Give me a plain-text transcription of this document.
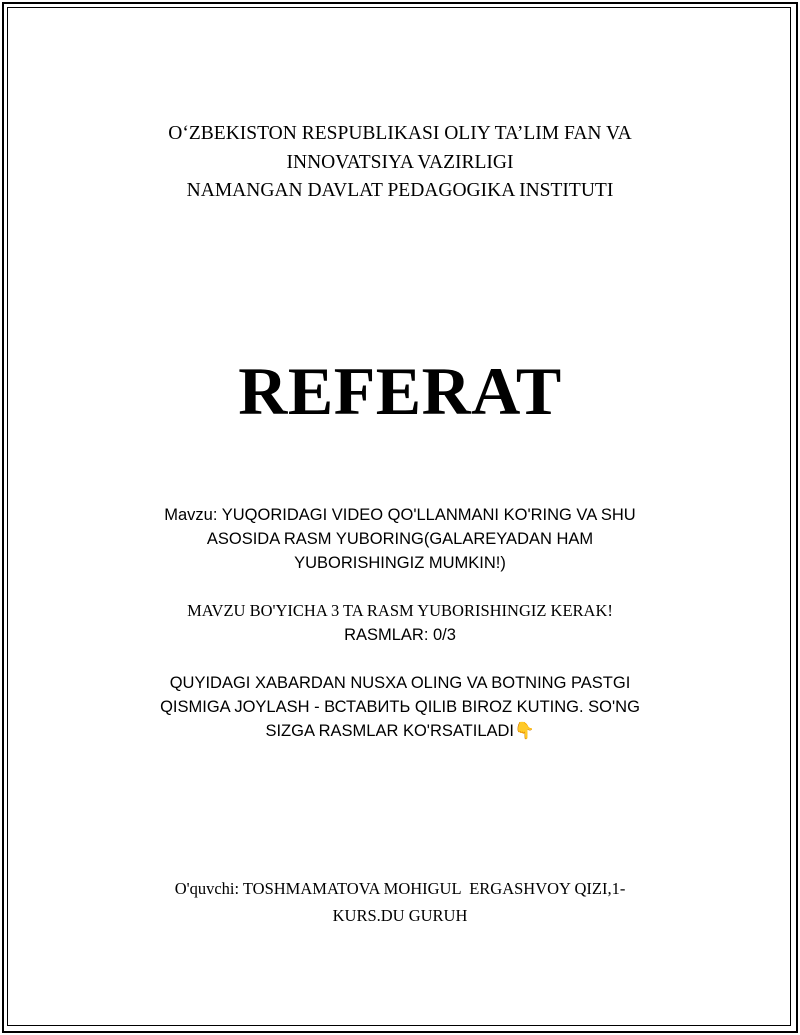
O‘ZBEKISTON RESPUBLIKASI OLIY TA’LIM FAN VA
INNOVATSIYA VAZIRLIGI
NAMANGAN DAVLAT PEDAGOGIKA INSTITUTI
REFERAT
Mavzu: YUQORIDAGI VIDEO QO'LLANMANI KO'RING VA SHU
ASOSIDA RASM YUBORING(GALAREYADAN HAM
YUBORISHINGIZ MUMKIN!)
MAVZU BO'YICHA 3 TA RASM YUBORISHINGIZ KERAK!
RASMLAR: 0/3
QUYIDAGI XABARDAN NUSXA OLING VA BOTNING PASTGI
QISMIGA JOYLASH - ВСТАВИТЬ QILIB BIROZ KUTING. SO'NG
SIZGA RASMLAR KO'RSATILADI👇
O'quvchi: TOSHMAMATOVA MOHIGUL  ERGASHVOY QIZI,1-
KURS.DU GURUH
